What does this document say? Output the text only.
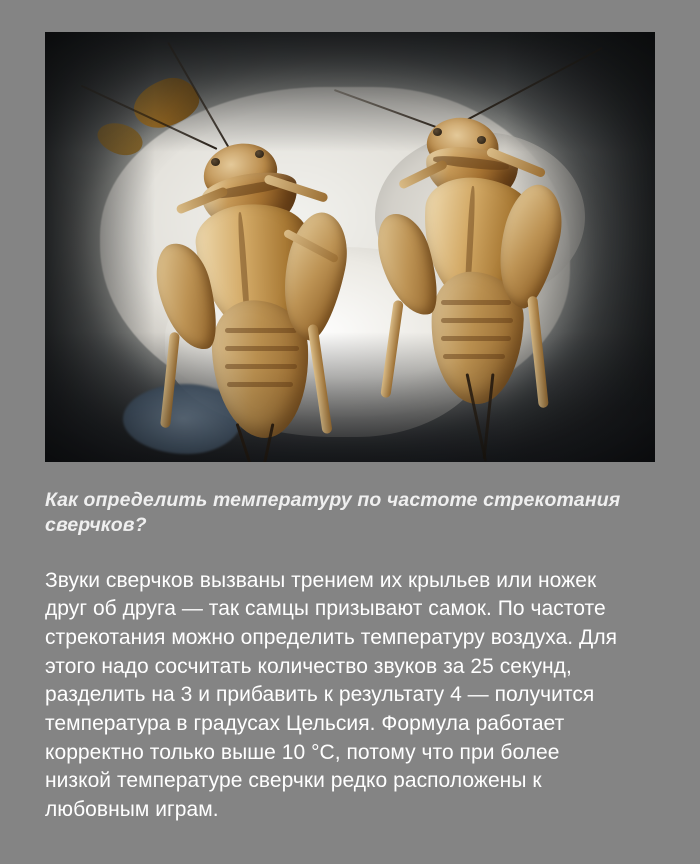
Как определить температуру по частоте стрекотания сверчков?
Звуки сверчков вызваны трением их крыльев или ножек друг об друга — так самцы призывают самок. По частоте стрекотания можно определить температуру воздуха. Для этого надо сосчитать количество звуков за 25 секунд, разделить на 3 и прибавить к результату 4 — получится температура в градусах Цельсия. Формула работает корректно только выше 10 °C, потому что при более низкой температуре сверчки редко расположены к любовным играм.
